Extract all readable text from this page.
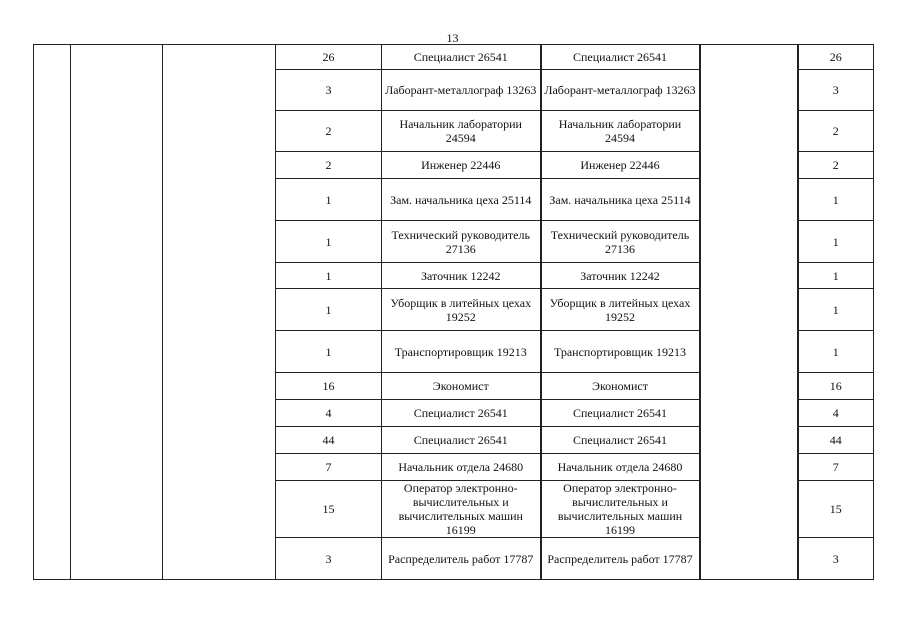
13
			26	Специалист 26541	Специалист 26541		26
			3	Лаборант-металлограф 13263	Лаборант-металлограф 13263		3
			2	Начальник лаборатории 24594	Начальник лаборатории 24594		2
			2	Инженер 22446	Инженер 22446		2
			1	Зам. начальника цеха 25114	Зам. начальника цеха 25114		1
			1	Технический руководитель 27136	Технический руководитель 27136		1
			1	Заточник 12242	Заточник 12242		1
			1	Уборщик в литейных цехах 19252	Уборщик в литейных цехах 19252		1
			1	Транспортировщик 19213	Транспортировщик 19213		1
			16	Экономист	Экономист		16
			4	Специалист 26541	Специалист 26541		4
			44	Специалист 26541	Специалист 26541		44
			7	Начальник отдела 24680	Начальник отдела 24680		7
			15	Оператор электронно-вычислительных и вычислительных машин 16199	Оператор электронно-вычислительных и вычислительных машин 16199		15
			3	Распределитель работ 17787	Распределитель работ 17787		3
